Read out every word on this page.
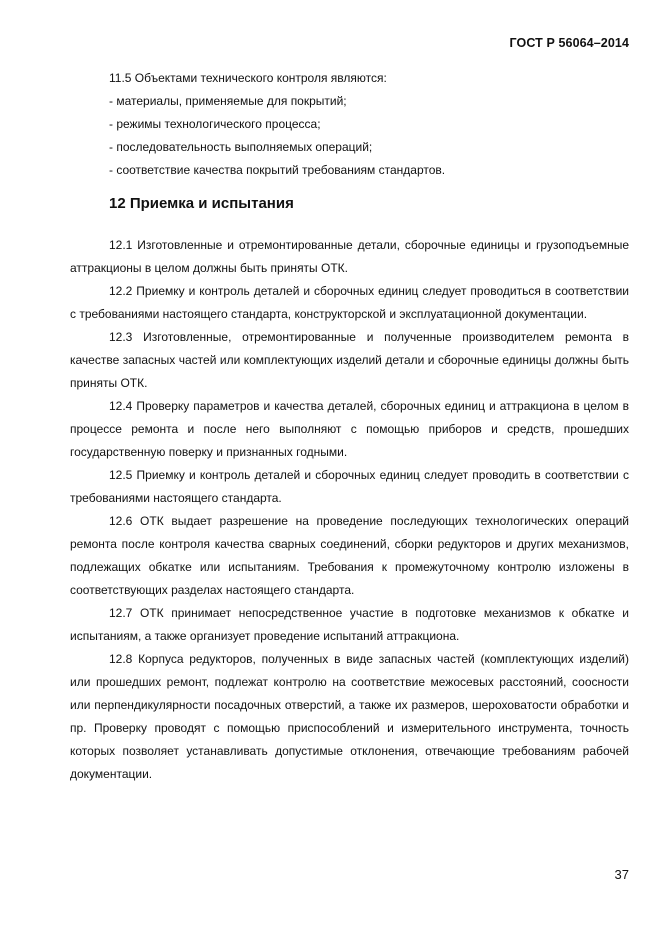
ГОСТ Р 56064–2014
11.5 Объектами технического контроля являются:
- материалы, применяемые для покрытий;
- режимы технологического процесса;
- последовательность выполняемых операций;
- соответствие качества покрытий требованиям стандартов.
12 Приемка и испытания

12.1 Изготовленные и отремонтированные детали, сборочные единицы и грузоподъемные аттракционы в целом должны быть приняты ОТК.

12.2 Приемку и контроль деталей и сборочных единиц следует проводиться в соответствии с требованиями настоящего стандарта, конструкторской и эксплуатационной документации.

12.3 Изготовленные, отремонтированные и полученные производителем ремонта в качестве запасных частей или комплектующих изделий детали и сборочные единицы должны быть приняты ОТК.

12.4 Проверку параметров и качества деталей, сборочных единиц и аттракциона в целом в процессе ремонта и после него выполняют с помощью приборов и средств, прошедших государственную поверку и признанных годными.

12.5 Приемку и контроль деталей и сборочных единиц следует проводить в соответствии с требованиями настоящего стандарта.

12.6 ОТК выдает разрешение на проведение последующих технологических операций ремонта после контроля качества сварных соединений, сборки редукторов и других механизмов, подлежащих обкатке или испытаниям. Требования к промежуточному контролю изложены в соответствующих разделах настоящего стандарта.

12.7 ОТК принимает непосредственное участие в подготовке механизмов к обкатке и испытаниям, а также организует проведение испытаний аттракциона.

12.8 Корпуса редукторов, полученных в виде запасных частей (комплектующих изделий) или прошедших ремонт, подлежат контролю на соответствие межосевых расстояний, соосности или перпендикулярности посадочных отверстий, а также их размеров, шероховатости обработки и пр. Проверку проводят с помощью приспособлений и измерительного инструмента, точность которых позволяет устанавливать допустимые отклонения, отвечающие требованиям рабочей документации.

37
